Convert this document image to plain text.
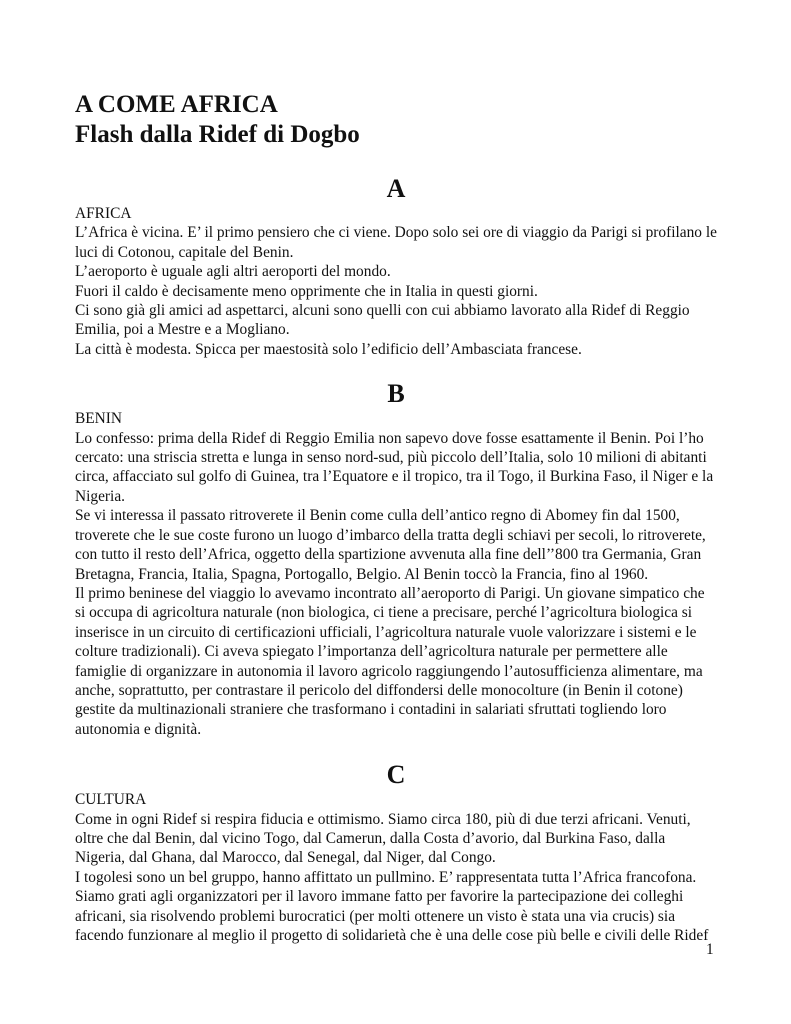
A COME AFRICA
Flash dalla Ridef di Dogbo
A
AFRICA

L’Africa è vicina. E’ il primo pensiero che ci viene. Dopo solo sei ore di viaggio da Parigi si profilano le luci di Cotonou, capitale del Benin.

L’aeroporto è uguale agli altri aeroporti del mondo.

Fuori il caldo è decisamente meno opprimente che in Italia in questi giorni.

Ci sono già gli amici ad aspettarci, alcuni sono quelli con cui abbiamo lavorato alla Ridef di Reggio Emilia, poi a Mestre e a Mogliano.

La città è modesta. Spicca per maestosità solo l’edificio dell’Ambasciata francese.

B
BENIN

Lo confesso: prima della Ridef di Reggio Emilia non sapevo dove fosse esattamente il Benin. Poi l’ho cercato: una striscia stretta e lunga in senso nord-sud, più piccolo dell’Italia, solo 10 milioni di abitanti circa, affacciato sul golfo di Guinea, tra l’Equatore e il tropico, tra il Togo, il Burkina Faso, il Niger e la Nigeria.

Se vi interessa il passato ritroverete il Benin come culla dell’antico regno di Abomey fin dal 1500, troverete che le sue coste furono un luogo d’imbarco della tratta degli schiavi per secoli, lo ritroverete, con tutto il resto dell’Africa, oggetto della spartizione avvenuta alla fine dell’’800 tra Germania, Gran Bretagna, Francia, Italia, Spagna, Portogallo, Belgio. Al Benin toccò la Francia, fino al 1960.

Il primo beninese del viaggio lo avevamo incontrato all’aeroporto di Parigi. Un giovane simpatico che si occupa di agricoltura naturale (non biologica, ci tiene a precisare, perché l’agricoltura biologica si inserisce in un circuito di certificazioni ufficiali, l’agricoltura naturale vuole valorizzare i sistemi e le colture tradizionali). Ci aveva spiegato l’importanza dell’agricoltura naturale per permettere alle famiglie di organizzare in autonomia il lavoro agricolo raggiungendo l’autosufficienza alimentare, ma anche, soprattutto, per contrastare il pericolo del diffondersi delle monocolture (in Benin il cotone) gestite da multinazionali straniere che trasformano i contadini in salariati sfruttati togliendo loro autonomia e dignità.

C
CULTURA

Come in ogni Ridef si respira fiducia e ottimismo. Siamo circa 180, più di due terzi africani. Venuti, oltre che dal Benin, dal vicino Togo, dal Camerun, dalla Costa d’avorio, dal Burkina Faso, dalla Nigeria, dal Ghana, dal Marocco, dal Senegal, dal Niger, dal Congo.

I togolesi sono un bel gruppo, hanno affittato un pullmino. E’ rappresentata tutta l’Africa francofona. Siamo grati agli organizzatori per il lavoro immane fatto per favorire la partecipazione dei colleghi africani, sia risolvendo problemi burocratici (per molti ottenere un visto è stata una via crucis) sia facendo funzionare al meglio il progetto di solidarietà che è una delle cose più belle e civili delle Ridef

1
